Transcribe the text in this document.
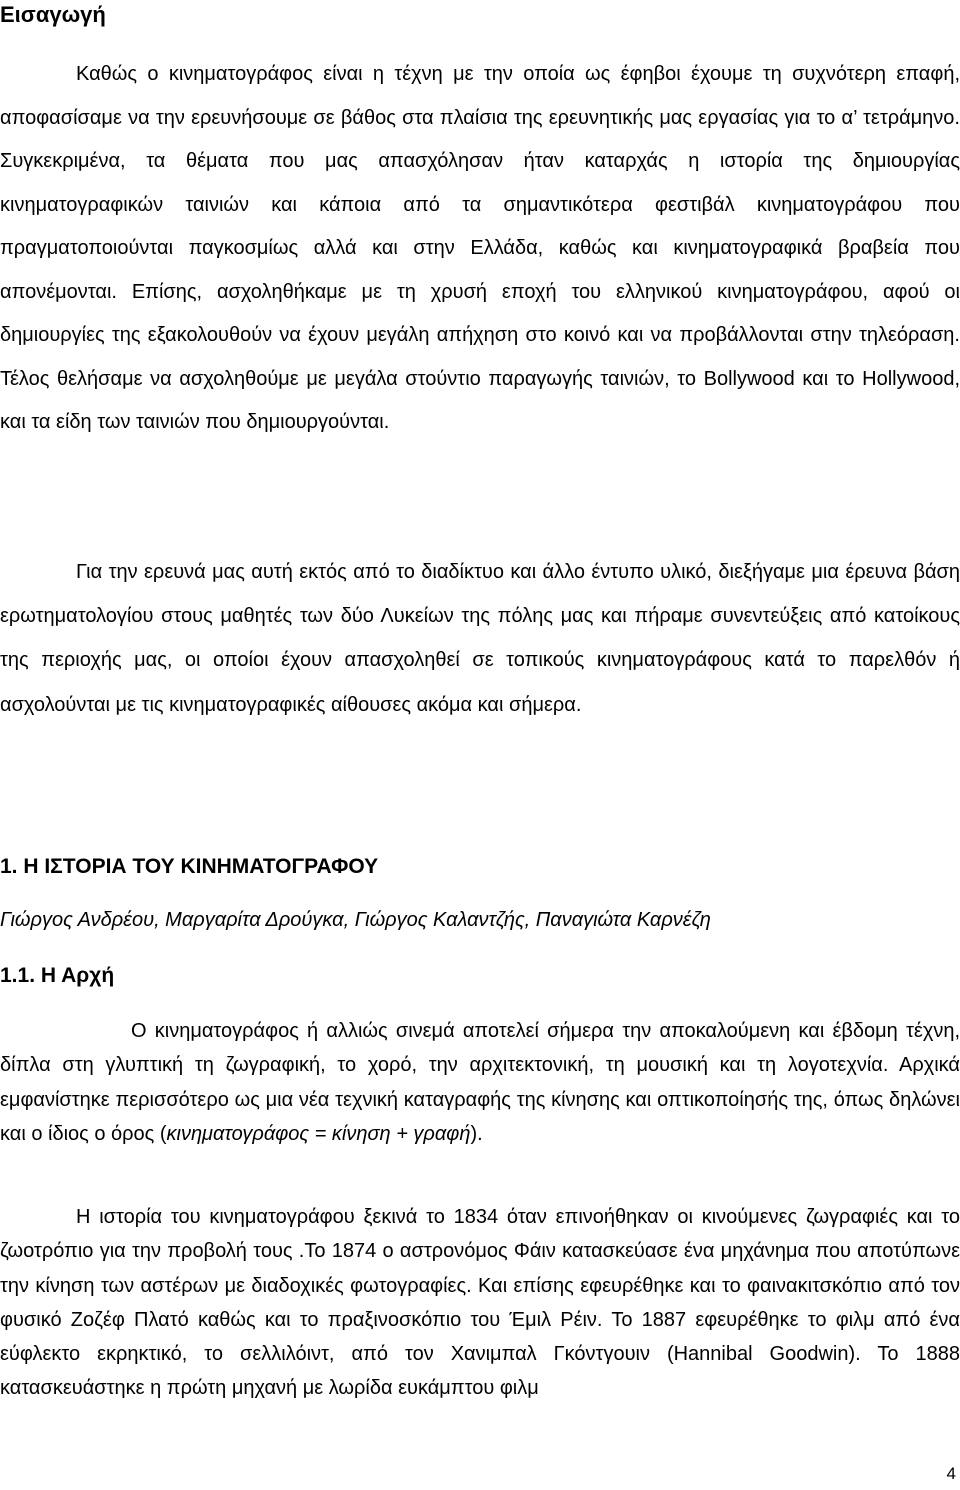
Εισαγωγή

Καθώς ο κινηματογράφος είναι η τέχνη με την οποία ως έφηβοι έχουμε τη συχνότερη επαφή, αποφασίσαμε να την ερευνήσουμε σε βάθος στα πλαίσια της ερευνητικής μας εργασίας για το α’ τετράμηνο. Συγκεκριμένα, τα θέματα που μας απασχόλησαν ήταν καταρχάς η ιστορία της δημιουργίας κινηματογραφικών ταινιών και κάποια από τα σημαντικότερα φεστιβάλ κινηματογράφου που πραγματοποιούνται παγκοσμίως αλλά και στην Ελλάδα, καθώς και κινηματογραφικά βραβεία που απονέμονται. Επίσης, ασχοληθήκαμε με τη χρυσή εποχή του ελληνικού κινηματογράφου, αφού οι δημιουργίες της εξακολουθούν να έχουν μεγάλη απήχηση στο κοινό και να προβάλλονται στην τηλεόραση. Τέλος θελήσαμε να ασχοληθούμε με μεγάλα στούντιο παραγωγής ταινιών, το Bollywood και το Hollywood, και τα είδη των ταινιών που δημιουργούνται.

Για την ερευνά μας αυτή εκτός από το διαδίκτυο και άλλο έντυπο υλικό, διεξήγαμε μια έρευνα βάση ερωτηματολογίου στους μαθητές των δύο Λυκείων της πόλης μας και πήραμε συνεντεύξεις από κατοίκους της περιοχής μας, οι οποίοι έχουν απασχοληθεί σε τοπικούς κινηματογράφους κατά το παρελθόν ή ασχολούνται με τις κινηματογραφικές αίθουσες ακόμα και σήμερα.

1. Η ΙΣΤΟΡΙΑ ΤΟΥ ΚΙΝΗΜΑΤΟΓΡΑΦΟΥ

Γιώργος Ανδρέου, Μαργαρίτα Δρούγκα, Γιώργος Καλαντζής, Παναγιώτα Καρνέζη

1.1. Η Αρχή

Ο κινηματογράφος ή αλλιώς σινεμά αποτελεί σήμερα την αποκαλούμενη και έβδομη τέχνη, δίπλα στη γλυπτική τη ζωγραφική, το χορό, την αρχιτεκτονική, τη μουσική και τη λογοτεχνία. Αρχικά εμφανίστηκε περισσότερο ως μια νέα τεχνική καταγραφής της κίνησης και οπτικοποίησής της, όπως δηλώνει και ο ίδιος ο όρος (κινηματογράφος = κίνηση + γραφή).

Η ιστορία του κινηματογράφου ξεκινά το 1834 όταν επινοήθηκαν οι κινούμενες ζωγραφιές και το ζωοτρόπιο για την προβολή τους .Το 1874 ο αστρονόμος Φάιν κατασκεύασε ένα μηχάνημα που αποτύπωνε την κίνηση των αστέρων με διαδοχικές φωτογραφίες. Και επίσης εφευρέθηκε και το φαινακιτσκόπιο από τον φυσικό Ζοζέφ Πλατό καθώς και το πραξινοσκόπιο του Έμιλ Ρέιν. Το 1887 εφευρέθηκε το φιλμ από ένα εύφλεκτο εκρηκτικό, το σελλιλόιντ, από τον Χανιμπαλ Γκόντγουιν (Hannibal Goodwin). Το 1888 κατασκευάστηκε η πρώτη μηχανή με λωρίδα ευκάμπτου φιλμ

4
